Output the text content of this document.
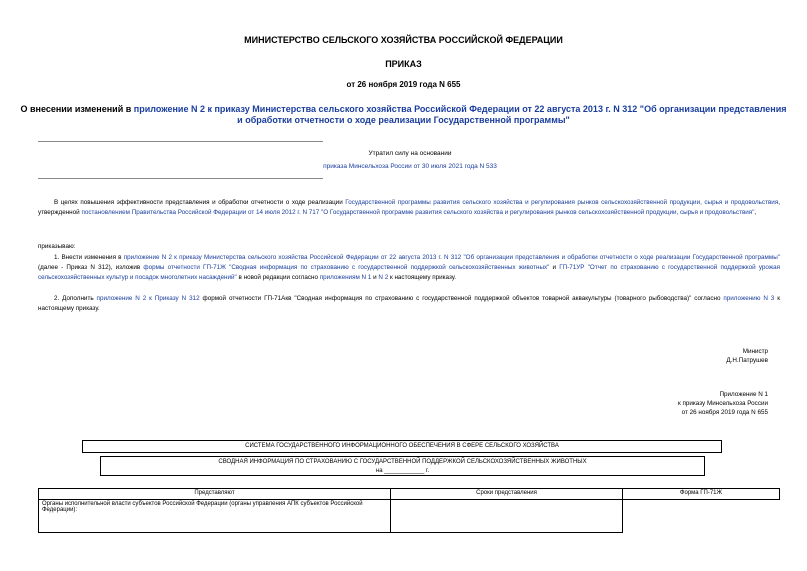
МИНИСТЕРСТВО СЕЛЬСКОГО ХОЗЯЙСТВА РОССИЙСКОЙ ФЕДЕРАЦИИ
ПРИКАЗ
от 26 ноября 2019 года N 655
О внесении изменений в приложение N 2 к приказу Министерства сельского хозяйства Российской Федерации от 22 августа 2013 г. N 312 "Об организации представления и обработки отчетности о ходе реализации Государственной программы"
Утратил силу на основании
приказа Минсельхоза России от 30 июля 2021 года N 533
В целях повышения эффективности представления и обработки отчетности о ходе реализации Государственной программы развития сельского хозяйства и регулирования рынков сельскохозяйственной продукции, сырья и продовольствия, утвержденной постановлением Правительства Российской Федерации от 14 июля 2012 г. N 717 "О Государственной программе развития сельского хозяйства и регулирования рынков сельскохозяйственной продукции, сырья и продовольствия",
приказываю:
1. Внести изменения в приложение N 2 к приказу Министерства сельского хозяйства Российской Федерации от 22 августа 2013 г. N 312 "Об организации представления и обработки отчетности о ходе реализации Государственной программы" (далее - Приказ N 312), изложив формы отчетности ГП-71Ж "Сводная информация по страхованию с государственной поддержкой сельскохозяйственных животных" и ГП-71УР "Отчет по страхованию с государственной поддержкой урожая сельскохозяйственных культур и посадок многолетних насаждений" в новой редакции согласно приложениям N 1 и N 2 к настоящему приказу.
2. Дополнить приложение N 2 к Приказу N 312 формой отчетности ГП-71Акв "Сводная информация по страхованию с государственной поддержкой объектов товарной аквакультуры (товарного рыбоводства)" согласно приложению N 3 к настоящему приказу.
Министр
Д.Н.Патрушев
Приложение N 1
к приказу Минсельхоза России
от 26 ноября 2019 года N 655
СИСТЕМА ГОСУДАРСТВЕННОГО ИНФОРМАЦИОННОГО ОБЕСПЕЧЕНИЯ В СФЕРЕ СЕЛЬСКОГО ХОЗЯЙСТВА
СВОДНАЯ ИНФОРМАЦИЯ ПО СТРАХОВАНИЮ С ГОСУДАРСТВЕННОЙ ПОДДЕРЖКОЙ СЕЛЬСКОХОЗЯЙСТВЕННЫХ ЖИВОТНЫХ
на ____________ г.
Представляют	Сроки представления	Форма ГП-71Ж
Органы исполнительной власти субъектов Российской Федерации (органы управления АПК субъектов Российской Федерации):		
